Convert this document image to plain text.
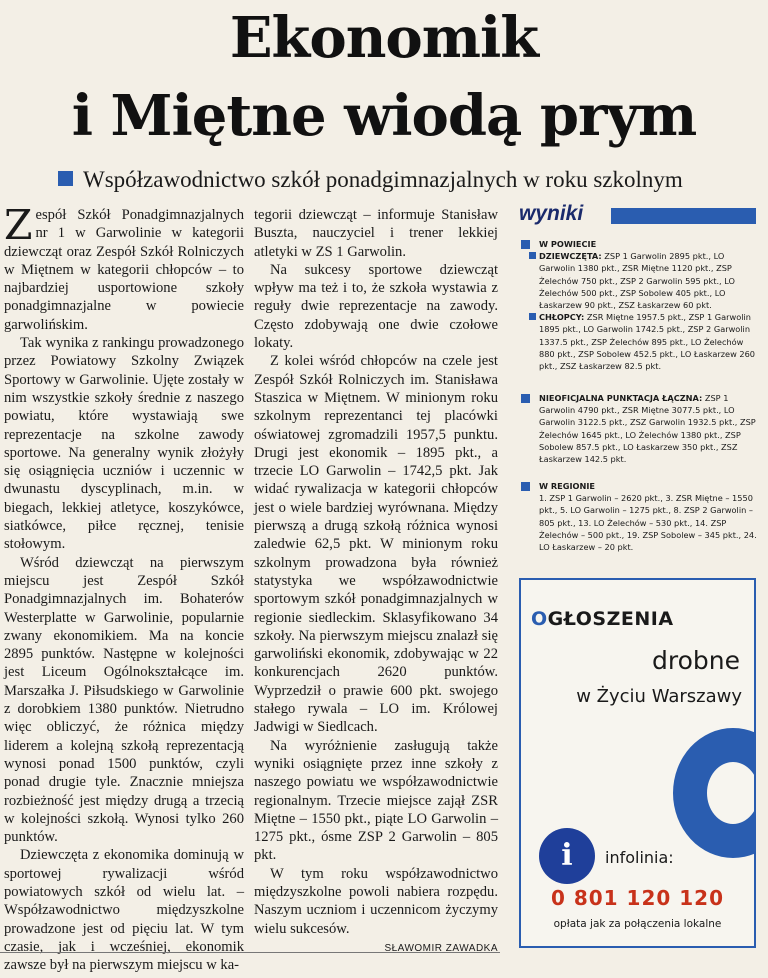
Ekonomik
i Miętne wiodą prym
Współzawodnictwo szkół ponadgimnazjalnych w roku szkolnym

Zespół Szkół Ponadgimnazjalnych nr 1 w Garwolinie w kategorii dziewcząt oraz Zespół Szkół Rolniczych w Miętnem w kategorii chłopców – to najbardziej usportowione szkoły ponadgimnazjalne w powiecie garwolińskim.

Tak wynika z rankingu prowadzonego przez Powiatowy Szkolny Związek Sportowy w Garwolinie. Ujęte zostały w nim wszystkie szkoły średnie z naszego powiatu, które wystawiają swe reprezentacje na szkolne zawody sportowe. Na generalny wynik złożyły się osiągnięcia uczniów i uczennic w dwunastu dyscyplinach, m.in. w biegach, lekkiej atletyce, koszykówce, siatkówce, piłce ręcznej, tenisie stołowym.

Wśród dziewcząt na pierwszym miejscu jest Zespół Szkół Ponadgimnazjalnych im. Bohaterów Westerplatte w Garwolinie, popularnie zwany ekonomikiem. Ma na koncie 2895 punktów. Następne w kolejności jest Liceum Ogólnokształcące im. Marszałka J. Piłsudskiego w Garwolinie z dorobkiem 1380 punktów. Nietrudno więc obliczyć, że różnica między liderem a kolejną szkołą reprezentacją wynosi ponad 1500 punktów, czyli ponad drugie tyle. Znacznie mniejsza rozbieżność jest między drugą a trzecią w kolejności szkołą. Wynosi tylko 260 punktów.

Dziewczęta z ekonomika dominują w sportowej rywalizacji wśród powiatowych szkół od wielu lat. – Współzawodnictwo międzyszkolne prowadzone jest od pięciu lat. W tym czasie, jak i wcześniej, ekonomik zawsze był na pierwszym miejscu w ka-

tegorii dziewcząt – informuje Stanisław Buszta, nauczyciel i trener lekkiej atletyki w ZS 1 Garwolin.

Na sukcesy sportowe dziewcząt wpływ ma też i to, że szkoła wystawia z reguły dwie reprezentacje na zawody. Często zdobywają one dwie czołowe lokaty.

Z kolei wśród chłopców na czele jest Zespół Szkół Rolniczych im. Stanisława Staszica w Miętnem. W minionym roku szkolnym reprezentanci tej placówki oświatowej zgromadzili 1957,5 punktu. Drugi jest ekonomik – 1895 pkt., a trzecie LO Garwolin – 1742,5 pkt. Jak widać rywalizacja w kategorii chłopców jest o wiele bardziej wyrównana. Między pierwszą a drugą szkołą różnica wynosi zaledwie 62,5 pkt. W minionym roku szkolnym prowadzona była również statystyka we współzawodnictwie sportowym szkół ponadgimnazjalnych w regionie siedleckim. Sklasyfikowano 34 szkoły. Na pierwszym miejscu znalazł się garwoliński ekonomik, zdobywając w 22 konkurencjach 2620 punktów. Wyprzedził o prawie 600 pkt. swojego stałego rywala – LO im. Królowej Jadwigi w Siedlcach.

Na wyróżnienie zasługują także wyniki osiągnięte przez inne szkoły z naszego powiatu we współzawodnictwie regionalnym. Trzecie miejsce zajął ZSR Miętne – 1550 pkt., piąte LO Garwolin – 1275 pkt., ósme ZSP 2 Garwolin – 805 pkt.

W tym roku współzawodnictwo międzyszkolne powoli nabiera rozpędu. Naszym uczniom i uczennicom życzymy wielu sukcesów.

SŁAWOMIR ZAWADKA
wyniki
W POWIECIE
DZIEWCZĘTA: ZSP 1 Garwolin 2895 pkt., LO Garwolin 1380 pkt., ZSR Miętne 1120 pkt., ZSP Żelechów 750 pkt., ZSP 2 Garwolin 595 pkt., LO Żelechów 500 pkt., ZSP Sobolew 405 pkt., LO Łaskarzew 90 pkt., ZSZ Łaskarzew 60 pkt.
CHŁOPCY: ZSR Miętne 1957.5 pkt., ZSP 1 Garwolin 1895 pkt., LO Garwolin 1742.5 pkt., ZSP 2 Garwolin 1337.5 pkt., ZSP Żelechów 895 pkt., LO Żelechów 880 pkt., ZSP Sobolew 452.5 pkt., LO Łaskarzew 260 pkt., ZSZ Łaskarzew 82.5 pkt.
NIEOFICJALNA PUNKTACJA ŁĄCZNA: ZSP 1 Garwolin 4790 pkt., ZSR Miętne 3077.5 pkt., LO Garwolin 3122.5 pkt., ZSZ Garwolin 1932.5 pkt., ZSP Żelechów 1645 pkt., LO Żelechów 1380 pkt., ZSP Sobolew 857.5 pkt., LO Łaskarzew 350 pkt., ZSZ Łaskarzew 142.5 pkt.
W REGIONIE
1. ZSP 1 Garwolin – 2620 pkt., 3. ZSR Miętne – 1550 pkt., 5. LO Garwolin – 1275 pkt., 8. ZSP 2 Garwolin – 805 pkt., 13. LO Żelechów – 530 pkt., 14. ZSP Żelechów – 500 pkt., 19. ZSP Sobolew – 345 pkt., 24. LO Łaskarzew – 20 pkt.
OGŁOSZENIA
drobne
w Życiu Warszawy
i	infolinia:
0 801 120 120
opłata jak za połączenia lokalne
